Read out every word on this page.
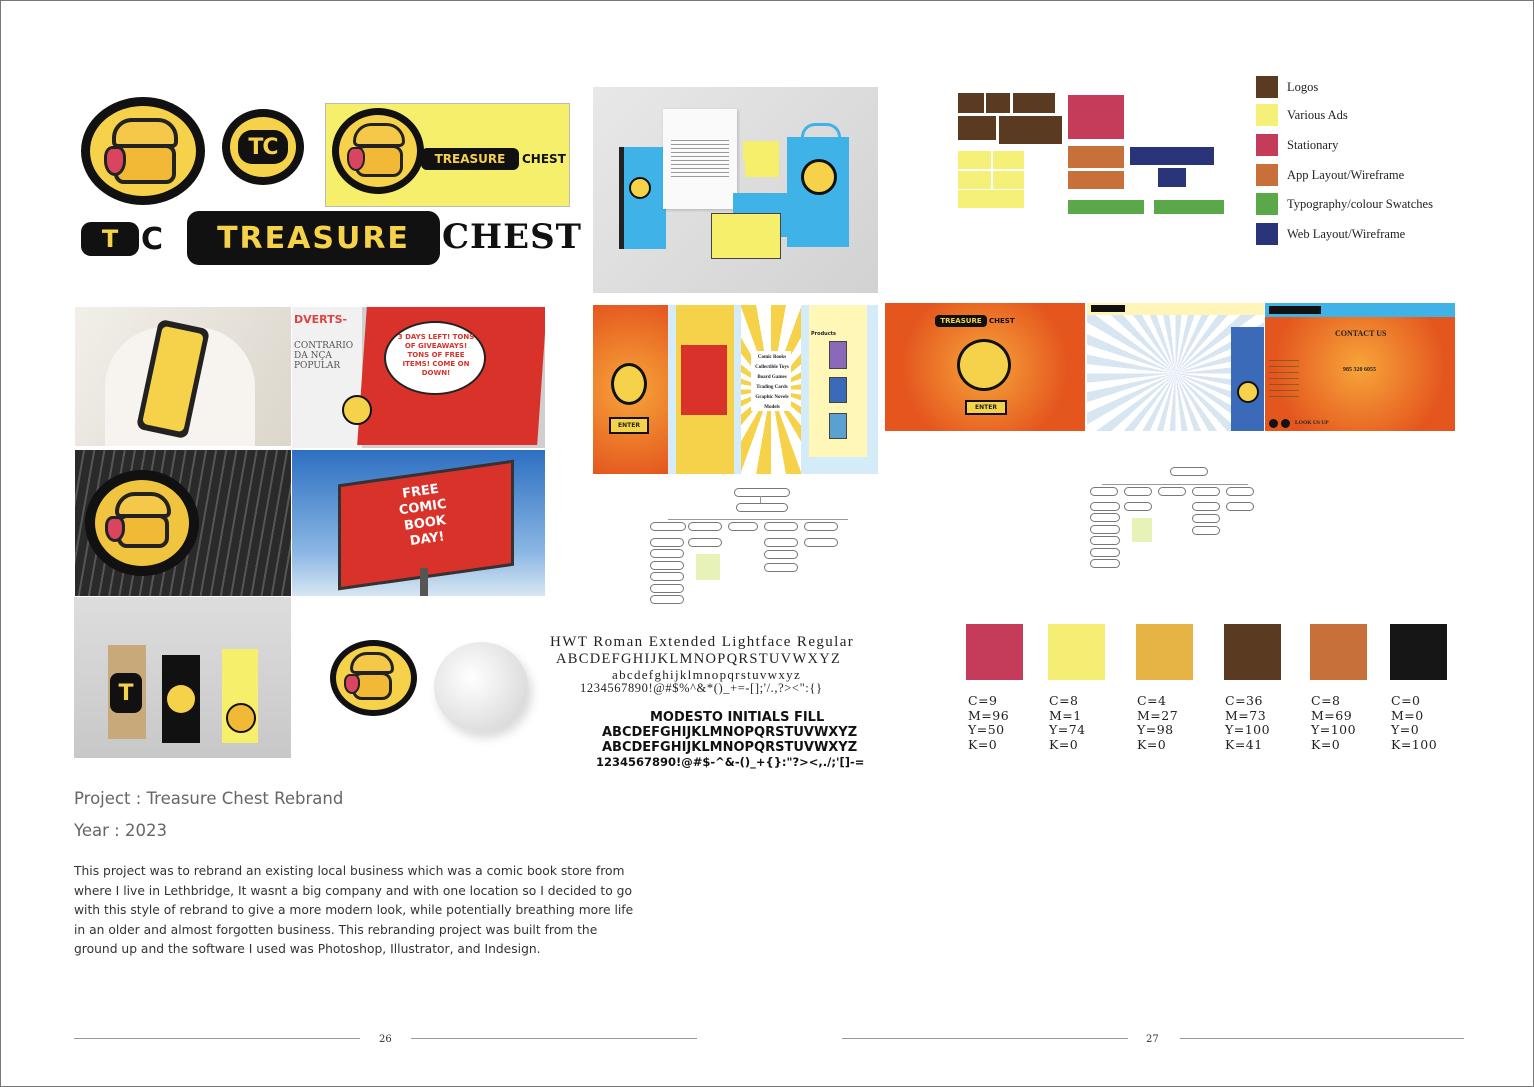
TC	TREASURE CHEST
T C TREASURE CHEST
Logos
Various Ads
Stationary
App Layout/Wireframe
Typography/colour Swatches
Web Layout/Wireframe
DVERTS-
CONTRARIO DA NÇA POPULAR
3 DAYS LEFT! TONS OF GIVEAWAYS! TONS OF FREE ITEMS! COME ON DOWN!
FREE COMIC BOOK DAY!
T
ENTER
Comic Books
Collectible Toys
Board Games
Trading Cards
Graphic Novels
Models
Products
TREASURE CHEST
ENTER
CONTACT US
985 320 6055
LOOK US UP
HWT Roman Extended Lightface Regular
ABCDEFGHIJKLMNOPQRSTUVWXYZ
abcdefghijklmnopqrstuvwxyz
1234567890!@#$%^&*()_+=-[];'/.,?><":{}
MODESTO INITIALS FILL
ABCDEFGHIJKLMNOPQRSTUVWXYZ
ABCDEFGHIJKLMNOPQRSTUVWXYZ
1234567890!@#$-^&-()_+{}:"?><,./;'[]-=
C=9
M=96
Y=50
K=0
C=8
M=1
Y=74
K=0
C=4
M=27
Y=98
K=0
C=36
M=73
Y=100
K=41
C=8
M=69
Y=100
K=0
C=0
M=0
Y=0
K=100
Project : Treasure Chest Rebrand
Year : 2023
This project was to rebrand an existing local business which was a comic book store from where I live in Lethbridge, It wasnt a big company and with one location so I decided to go with this style of rebrand to give a more modern look, while potentially breathing more life in an older and almost forgotten business. This rebranding project was built from the ground up and the software I used was Photoshop, Illustrator, and Indesign.
26	27
